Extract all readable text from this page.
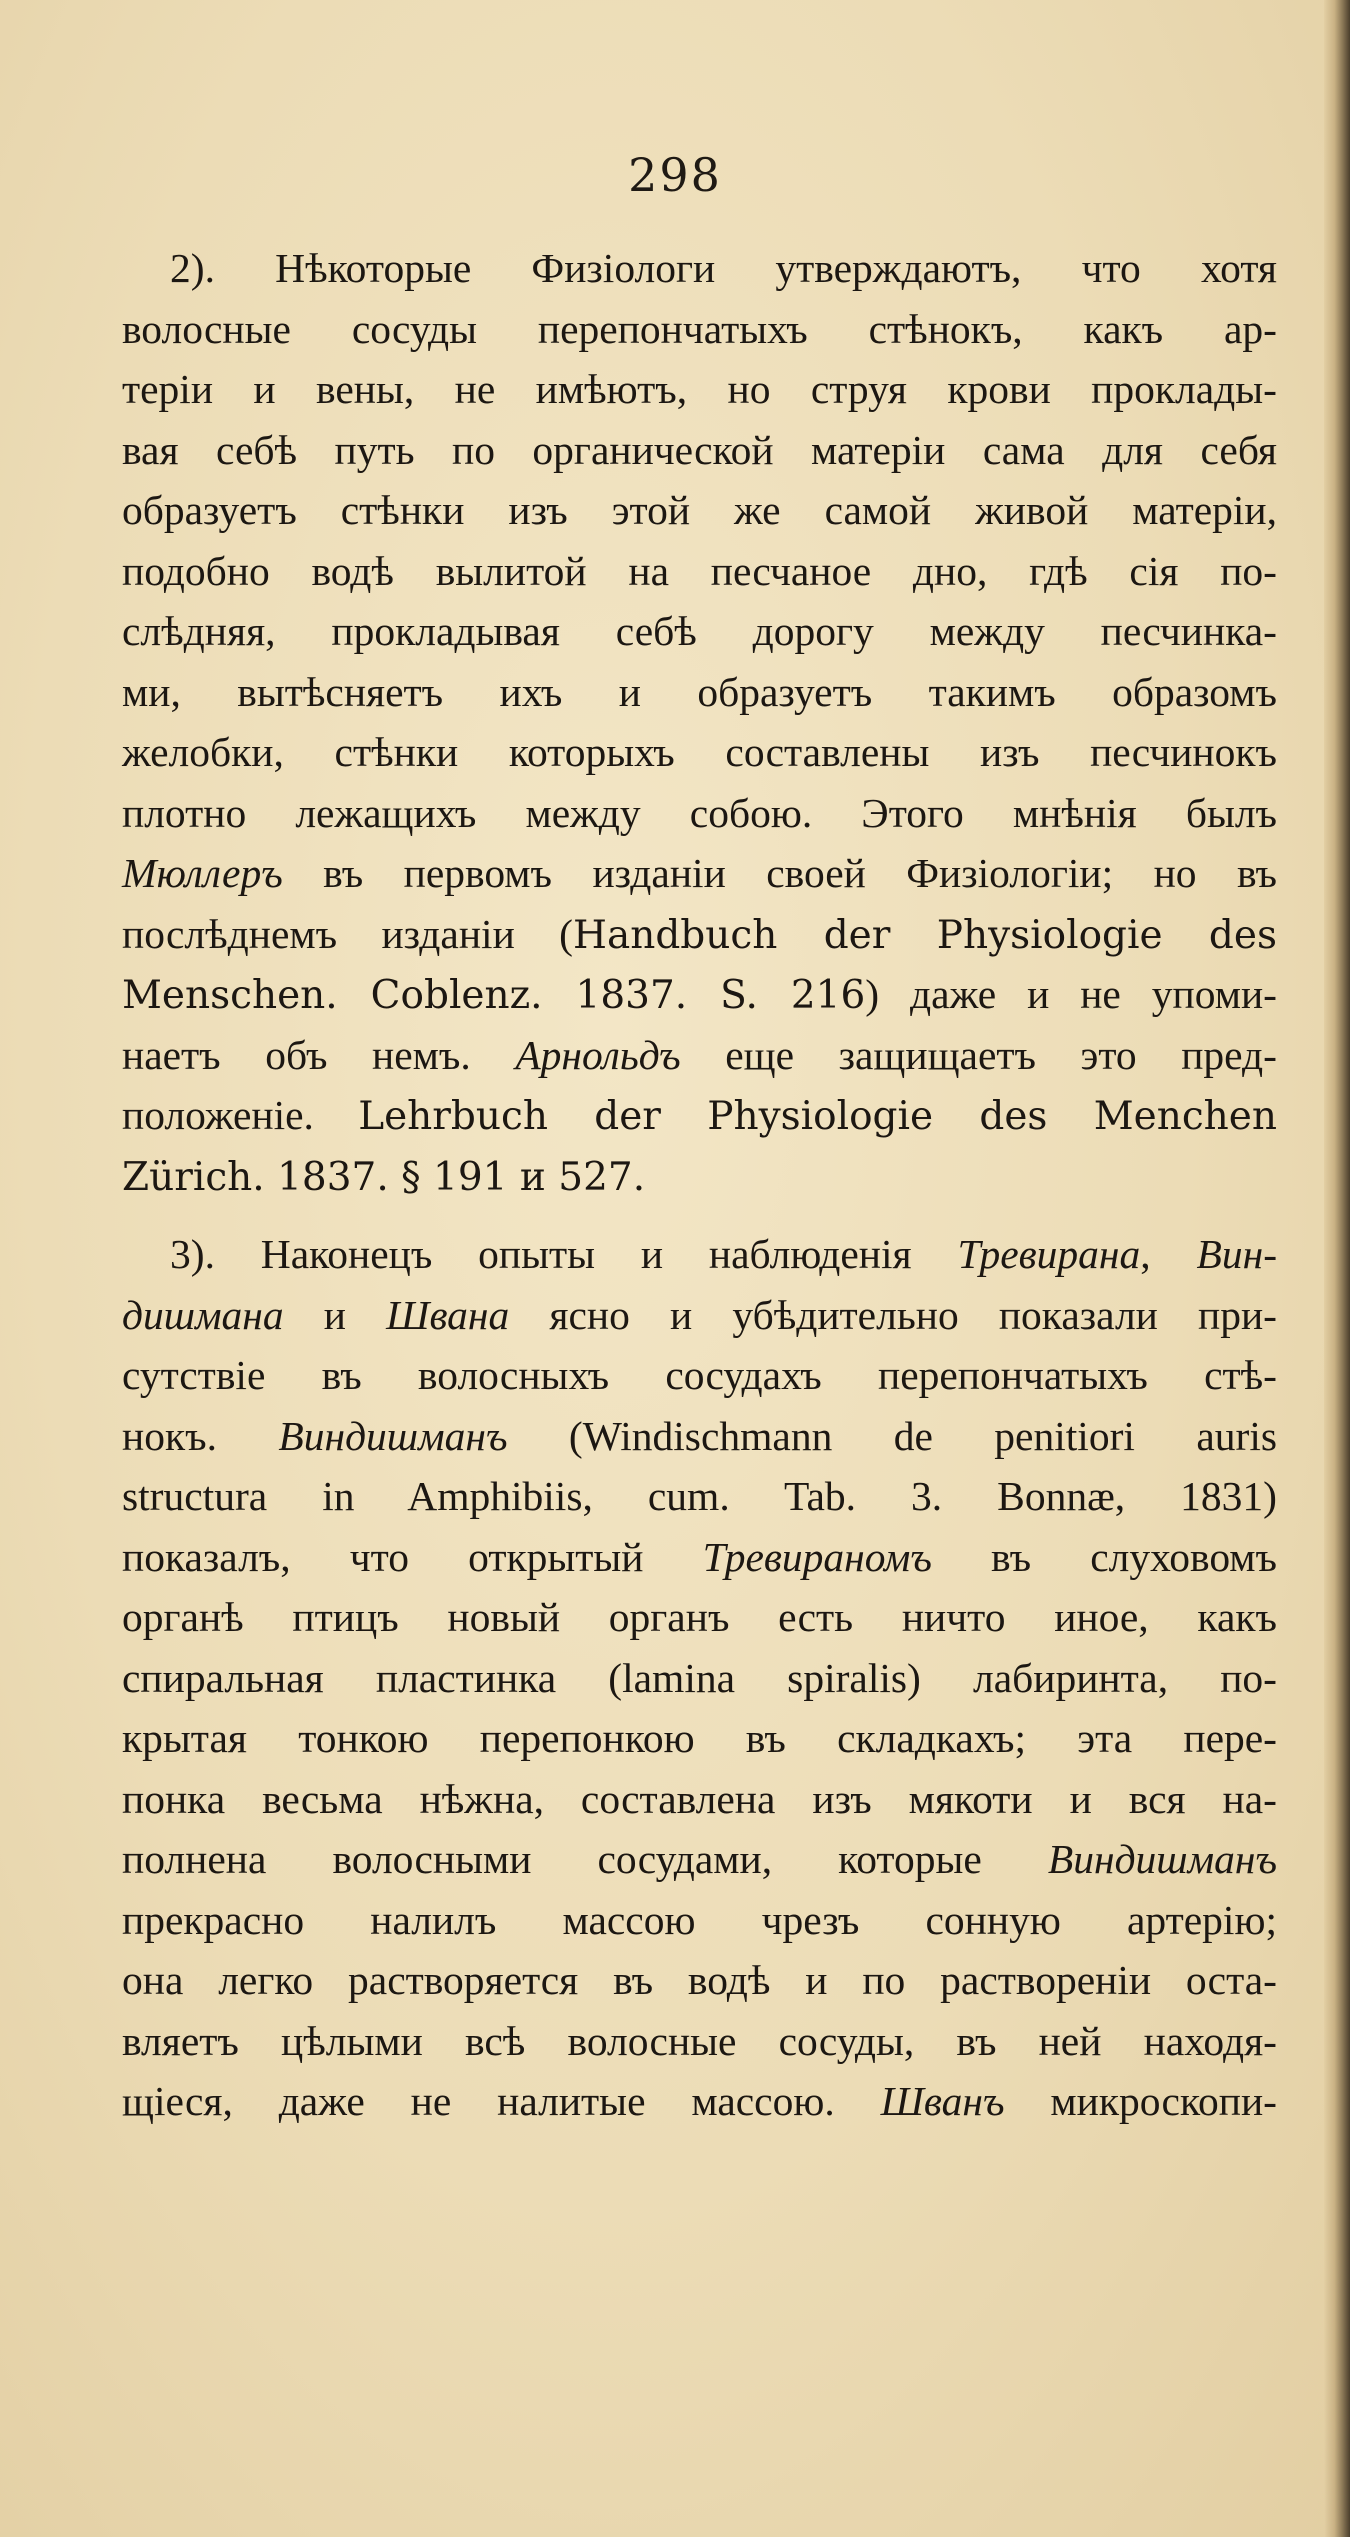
298
2). Нѣкоторые Физiологи утверждаютъ, что хотя
волосные сосуды перепончатыхъ стѣнокъ, какъ ар-
терiи и вены, не имѣютъ, но струя крови проклады-
вая себѣ путь по органической матерiи сама для себя
образуетъ стѣнки изъ этой же самой живой матерiи,
подобно водѣ вылитой на песчаное дно, гдѣ сiя по-
слѣдняя, прокладывая себѣ дорогу между песчинка-
ми, вытѣсняетъ ихъ и образуетъ такимъ образомъ
желобки, стѣнки которыхъ составлены изъ песчинокъ
плотно лежащихъ между собою. Этого мнѣнiя былъ
Мюллеръ въ первомъ изданiи своей Физiологiи; но въ
послѣднемъ изданiи (Handbuch der Physiologie des
Menschen. Coblenz. 1837. S. 216) даже и не упоми-
наетъ объ немъ. Арнольдъ еще защищаетъ это пред-
положенiе. Lehrbuch der Physiologie des Menchen
Zürich. 1837. § 191 и 527.
3). Наконецъ опыты и наблюденiя Тревирана, Вин-
дишмана и Швана ясно и убѣдительно показали при-
сутствiе въ волосныхъ сосудахъ перепончатыхъ стѣ-
нокъ. Виндишманъ (Windischmann de penitiori auris
structura in Amphibiis, cum. Tab. 3. Bonnæ, 1831)
показалъ, что открытый Тревираномъ въ слуховомъ
органѣ птицъ новый органъ есть ничто иное, какъ
спиральная пластинка (lamina spiralis) лабиринта, по-
крытая тонкою перепонкою въ складкахъ; эта пере-
понка весьма нѣжна, составлена изъ мякоти и вся на-
полнена волосными сосудами, которые Виндишманъ
прекрасно налилъ массою чрезъ сонную артерiю;
она легко растворяется въ водѣ и по растворенiи оста-
вляетъ цѣлыми всѣ волосные сосуды, въ ней находя-
щiеся, даже не налитые массою. Шванъ микроскопи-
